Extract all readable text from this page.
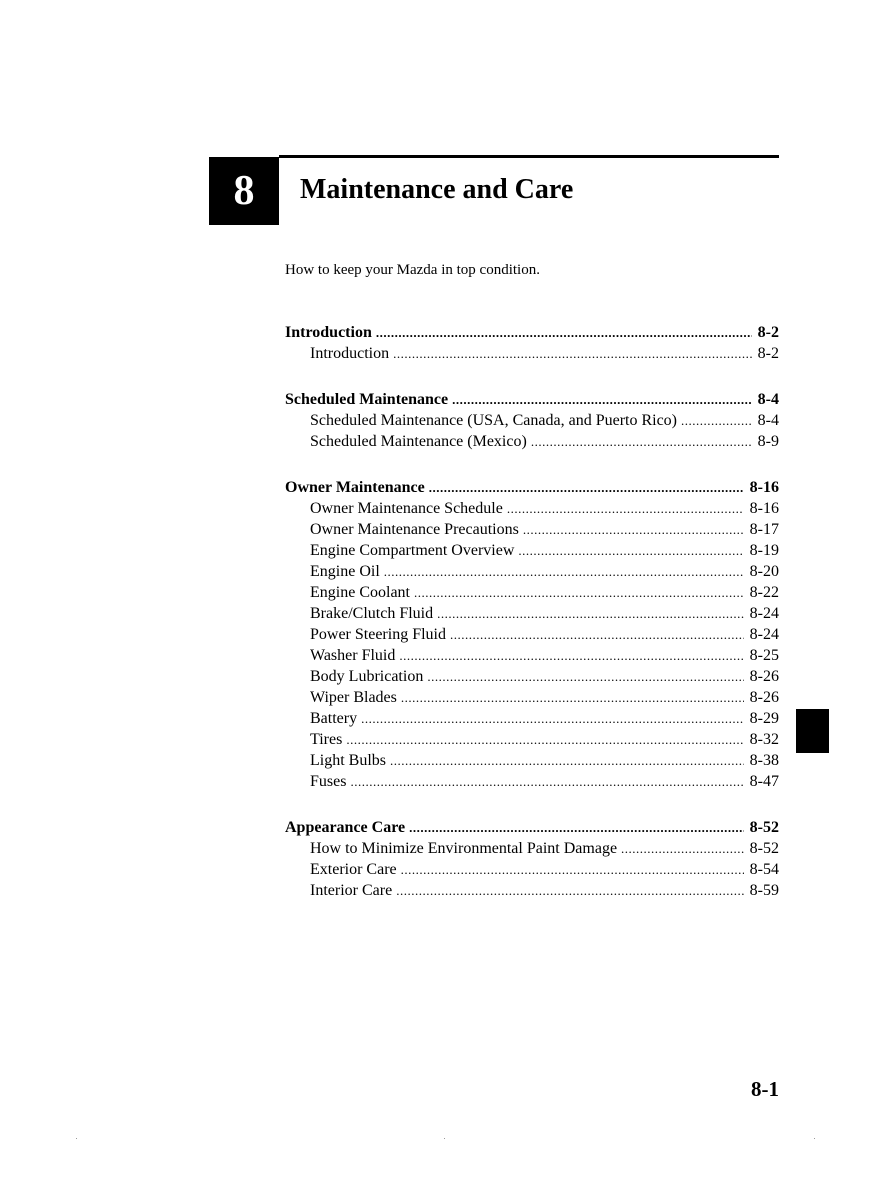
8 Maintenance and Care
How to keep your Mazda in top condition.
Introduction .....	8-2
Introduction .....	8-2
Scheduled Maintenance .....	8-4
Scheduled Maintenance (USA, Canada, and Puerto Rico) .....	8-4
Scheduled Maintenance (Mexico) .....	8-9
Owner Maintenance .....	8-16
Owner Maintenance Schedule .....	8-16
Owner Maintenance Precautions .....	8-17
Engine Compartment Overview .....	8-19
Engine Oil .....	8-20
Engine Coolant .....	8-22
Brake/Clutch Fluid .....	8-24
Power Steering Fluid .....	8-24
Washer Fluid .....	8-25
Body Lubrication .....	8-26
Wiper Blades .....	8-26
Battery .....	8-29
Tires .....	8-32
Light Bulbs .....	8-38
Fuses .....	8-47
Appearance Care .....	8-52
How to Minimize Environmental Paint Damage .....	8-52
Exterior Care .....	8-54
Interior Care .....	8-59
8-1
